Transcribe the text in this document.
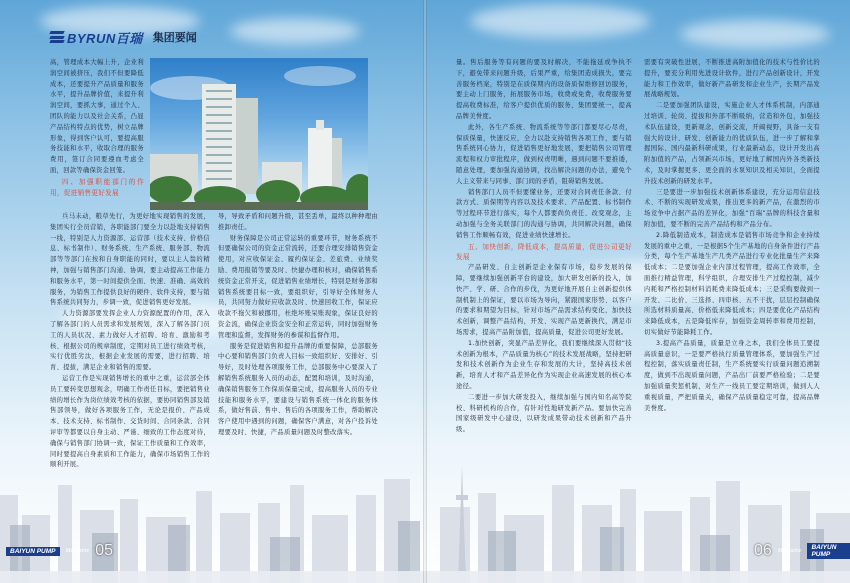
BYRUN百瑞 集团要闻

高，管理成本大幅上升，企业利润空间被挤压，我们不但要降低成本，还要提升产品质量和服务水平，提升品牌价值，来提升利润空间，要抓大事，通过个人、团队的能力以及社会关系，凸显产品结构特点的优势，树立品牌形象，得到客户认可，要提高服务技能和水平，收取合理的服务费用，签订合同要遵血考虑全面，回款等确保资金回笼。

四、加强职能部门的作用，促进销售更好发展

兵马未动，粮草先行，为更好地实现销售的发展，集团实行全员营销，各职能部门要全力以赴地支持销售一线，特别是人力资源部、运营部（技术支持、价格信息、标书制作）、财务系统、生产系统、服务部、物流部等等部门在按和自身职能的同时，要以主人翁的精神，加强与销售部门沟通、协调，要主动提高工作能力和服务水平，第一时间提供全面、快速、准确、高效的服务，为销售工作提供良好的硬件、软件支持，要与销售系统共同努力，步调一致，促进销售更好发展。

人力资源部要发挥企业人力资源配置的作用，深入了解各部门的人员需求和发展规划，深入了解各部门员工的人员状况、素力做好人才招聘、培育、激励和考核、根据公司的规章制度，定期对员工进行绩效考核，实行优胜劣汰，根据企业发展的需要，进行招聘、培育、提拔，满足企业和销售的需要。

运营工作是实现销售增长的重中之重，运营部全体员工要转变思想观念，明确工作责任目标，要把销售业绩的增长作为岗位绩效考核的依据，要协同销售部及销售部领导，做好各项服务工作，无论是报价、产品成本、技术支持、标书制作、交货时间、合同条款、合同评审等都要以自身主动、严谨、细致的工作态度对待，确保与销售部门协调一致，保证工作质量和工作效率，同时要提高自身素质和工作能力，确保市场销售工作的顺利开展。

导，导致矛盾和问题升级，甚至丢单，最终以种种理由推卸责任。

财务保障是公司正常运转的重要环节，财务系统不但要确保公司的资金正常流转，还要合理安排销售资金使用，对应收保证金、履约保证金、差旅费、业绩奖励、费用报销等要及时、快捷办理和核对，确保销售系统资金正常开支，促进销售业绩增长，特别是财务部和销售系统要目标一致，要组织好，引导好全体财务人员，共同努力做好应收款及时、快速回收工作，保证应收款不拖欠和被挪用，杜绝坏账呆账现象，保证良好的资金流，确保企业资金安全和正常运转，同时加强财务管理和监督，发挥财务的参谋和监督作用。

服务是促进销售和提升品牌的重要保障，总部服务中心要和销售部门负责人目标一致组织好、安排好、引导好，及时处理各项服务工作，总部服务中心要深入了解销售系统服务人员的动态，配置和培训，及时沟通，确保销售服务工作保质保量完成，提高服务人员的专业技能和服务水平，要建设与销售系统一体化的服务体系，做好售前、售中、售后的各项服务工作，帮助解决客户使用中遇到的问题，确保客户满意，对各户投诉处理要及时、快捷，产品质量问题及时整改落实。

BAIYUN PUMP	Magazine 05

量。售后服务等有问题的要及时解决，不能拖延或争执不下，避免带来问题升级，后果严重，给集团造成损失，要完善服务档案，特别是在质保期内的设备质保维修回访服务，要主动上门服务，拓展服务市场，收费或免费，收费服务要提高收费标准，给客户提供优质的服务，集团要统一，提高品牌美誉度。

此外，各生产系统、物流系统等等部门都要尽心尽责，保质保量，快速反应，全力以赴支持销售各项工作，要与销售系统同心协力，促进销售更好地发展，要把销售公司管理流程和权力审批程序，做到权责明晰，遇到问题不要推诿，随意处理，要加强沟通协调，找出解决问题的办法，避免个人主义带来与同事、部门间的矛盾，阻碍销售发展。

销售部门人员不但要懂业务，还要对合同责任条款、付款方式、质保期等内容以及技术要求、产品配置、标书制作等过程环节进行落实，每个人都要尚负责任、改变观念，主动加强与全务关联部门的沟通与协调，共同解决问题，确保销售工作顺畅有效，促进业绩快速增长。

五、加快创新，降低成本，提高质量，促进公司更好发展

产品研发、自主创新是企业保有市场，稳步发展的保障，要继续加强创新平台的建设，加大研发创新的投入，加快产、学、研、合作的步伐，为更好地开展自主创新提供体制机制上的保证，要以市场为导向，紧跟国家形势、以客户的要求和期望为目标，针对市场产品需求结构变化，加快技术创新，调整产品结构，开发、实现产品更新换代，满足市场需求，提高产品附加值，提高质量，促进公司更好发展。

1.加快创新，突显产品差异化，我们要继续深入贯彻“技术创新为根本，产品质量为核心”的技术发展战略，坚持把研发和技术创新作为企业生存和发展的大计，坚持高技术创新，培育人才和产品差异化作为实现企业高速发展的核心本途径。

二要进一步加大研发投入，继续加强与国内知名高等院校、科研机构的合作，有针对性地研发新产品。要加快完善国家级研发中心建设，以研发成果带动技术创新和产品升级。

需要有突破性进展，不断推进高附加值化的技术与性价比的提升，要充分利用先进设计软件，进行产品创新设计，开发能力和工作效率，做好新产品研发和企业生产，长期产品发展战略规划。

二是要加强团队建设，实施企业人才体系机制，内部通过培训、轮岗、提拔和外部不断吸纳，营造和外包，加强技术队伍建设，更新观念，创新交流，开阔视野，具备一支有强大的设计、研发、创新能力的优质队伍，进一步了解和掌握国际、国内最新科研成果，行业最新动态，设计开发出高附加值的产品，占领新兴市场，更好地了解国内外各类新技术，及时掌握更多、更全面的水泵知识及相关知识，全面提升技术创新的研发水平。

三是要进一步加强技术创新体系建设，充分运用信息技术、不断的实现研发成果，推出更多的新产品，在激烈的市场竞争中占据产品的差异化，加强“百瑞”品牌的科技含量和附加值，要不断的完善产品结构和产品分布。

2.降低制造成本，制造成本是销售市场竞争和企业持续发展的重中之重，一是根据5个生产基地的自身条件进行产品分类，每个生产基地生产几类产品进行专业化批量生产来降低成本；二是要加强企业内部过程管理，提高工作效率，全面推行精益管理，科学组织，合理安排生产过程控制，减少内耗和严格控制材料消耗费来降低成本；三是采购要做到一开发、二比价、三选择、四审核、五不干扰，层层控制确保所选材料质量高、价格低来降低成本；四是要优化产品结构来降低成本，五是降低库存，加强资金周转率和费用控制，切实做好节能降耗工作。

3.提高产品质量，质量是立身之本，我们全体员工要提高质量意识，一是要严格执行质量管理体系，要加强生产过程控制，落实质量责任制，生产系统要实行质量问题追溯制度，做到不出现质量问题，产品出厂前要严格检验；二是要加强质量奖惩机制，对生产一线员工要定期培训，做到人人重视质量，严把质量关，确保产品质量稳定可靠，提高品牌美誉度。

06 Magazine	BAIYUN PUMP
